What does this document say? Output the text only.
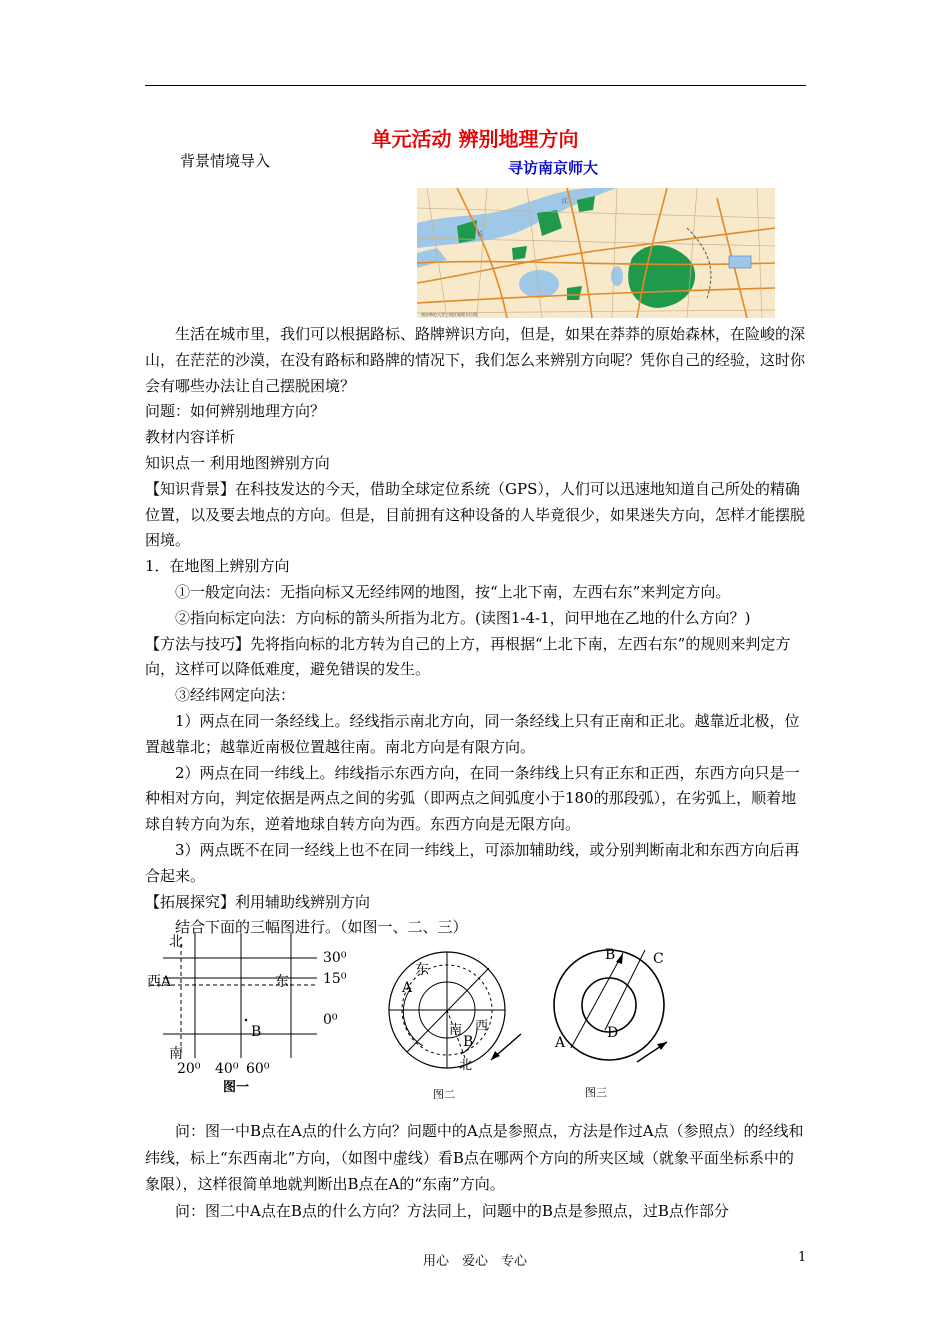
单元活动 辨别地理方向
背景情境导入	寻访南京师大
江
长
南京师范大学三校区地理方位图

生活在城市里，我们可以根据路标、路牌辨识方向，但是，如果在莽莽的原始森林，在险峻的深山，在茫茫的沙漠，在没有路标和路牌的情况下，我们怎么来辨别方向呢？凭你自己的经验，这时你会有哪些办法让自己摆脱困境？

问题：如何辨别地理方向？

教材内容详析

知识点一 利用地图辨别方向

【知识背景】在科技发达的今天，借助全球定位系统（GPS），人们可以迅速地知道自己所处的精确位置，以及要去地点的方向。但是，目前拥有这种设备的人毕竟很少，如果迷失方向，怎样才能摆脱困境。

1．在地图上辨别方向

①一般定向法：无指向标又无经纬网的地图，按“上北下南，左西右东”来判定方向。

②指向标定向法：方向标的箭头所指为北方。(读图1-4-1，问甲地在乙地的什么方向？)

【方法与技巧】先将指向标的北方转为自己的上方，再根据“上北下南，左西右东”的规则来判定方向，这样可以降低难度，避免错误的发生。

③经纬网定向法：

1）两点在同一条经线上。经线指示南北方向，同一条经线上只有正南和正北。越靠近北极，位置越靠北；越靠近南极位置越往南。南北方向是有限方向。

2）两点在同一纬线上。纬线指示东西方向，在同一条纬线上只有正东和正西，东西方向只是一种相对方向，判定依据是两点之间的劣弧（即两点之间弧度小于180的那段弧），在劣弧上，顺着地球自转方向为东，逆着地球自转方向为西。东西方向是无限方向。

3）两点既不在同一经线上也不在同一纬线上，可添加辅助线，或分别判断南北和东西方向后再合起来。

【拓展探究】利用辅助线辨别方向

结合下面的三幅图进行。（如图一、二、三）

北
西A	东
B
南
30⁰
15⁰
0⁰
20⁰ 40⁰ 60⁰
图一
东
A
南 西
B
北
图二
B	C
D
A
图三

问：图一中B点在A点的什么方向？问题中的A点是参照点，方法是作过A点（参照点）的经线和纬线，标上“东西南北”方向，（如图中虚线）看B点在哪两个方向的所夹区域（就象平面坐标系中的象限），这样很简单地就判断出B点在A的“东南”方向。

问：图二中A点在B点的什么方向？方法同上，问题中的B点是参照点，过B点作部分

用心　爱心　专心	1
